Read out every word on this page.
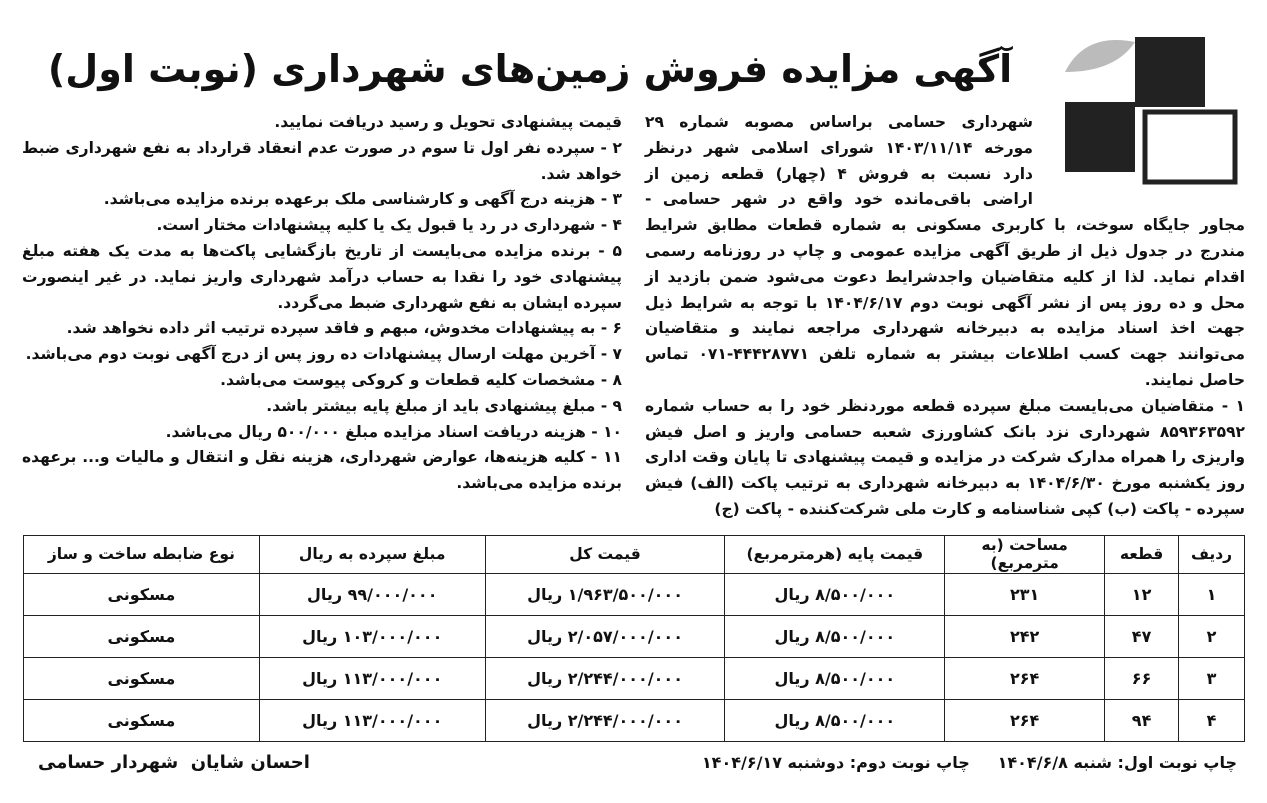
آگهی مزایده فروش زمین‌های شهرداری (نوبت اول)

شهرداری حسامی براساس مصوبه شماره ۲۹ مورخه ۱۴۰۳/۱۱/۱۴ شورای اسلامی شهر درنظر دارد نسبت به فروش ۴ (چهار) قطعه زمین از اراضی باقی‌مانده خود واقع در شهر حسامی - مجاور جایگاه سوخت، با کاربری مسکونی به شماره قطعات مطابق شرایط مندرج در جدول ذیل از طریق آگهی مزایده عمومی و چاپ در روزنامه رسمی اقدام نماید. لذا از کلیه متقاضیان واجدشرایط دعوت می‌شود ضمن بازدید از محل و ده روز پس از نشر آگهی نوبت دوم ۱۴۰۴/۶/۱۷ با توجه به شرایط ذیل جهت اخذ اسناد مزایده به دبیرخانه شهرداری مراجعه نمایند و متقاضیان می‌توانند جهت کسب اطلاعات بیشتر به شماره تلفن ۴۴۴۲۸۷۷۱-۰۷۱ تماس حاصل نمایند.

۱ - متقاضیان می‌بایست مبلغ سپرده قطعه موردنظر خود را به حساب شماره ۸۵۹۳۶۳۵۹۲ شهرداری نزد بانک کشاورزی شعبه حسامی واریز و اصل فیش واریزی را همراه مدارک شرکت در مزایده و قیمت پیشنهادی تا پایان وقت اداری روز یکشنبه مورخ ۱۴۰۴/۶/۳۰ به دبیرخانه شهرداری به ترتیب پاکت (الف) فیش سپرده - پاکت (ب) کپی شناسنامه و کارت ملی شرکت‌کننده - پاکت (ج)

قیمت پیشنهادی تحویل و رسید دریافت نمایید.

۲ - سپرده نفر اول تا سوم در صورت عدم انعقاد قرارداد به نفع شهرداری ضبط خواهد شد.

۳ - هزینه درج آگهی و کارشناسی ملک برعهده برنده مزایده می‌باشد.

۴ - شهرداری در رد یا قبول یک یا کلیه پیشنهادات مختار است.

۵ - برنده مزایده می‌بایست از تاریخ بازگشایی پاکت‌ها به مدت یک هفته مبلغ پیشنهادی خود را نقدا به حساب درآمد شهرداری واریز نماید. در غیر اینصورت سپرده ایشان به نفع شهرداری ضبط می‌گردد.

۶ - به پیشنهادات مخدوش، مبهم و فاقد سپرده ترتیب اثر داده نخواهد شد.

۷ - آخرین مهلت ارسال پیشنهادات ده روز پس از درج آگهی نوبت دوم می‌باشد.

۸ - مشخصات کلیه قطعات و کروکی پیوست می‌باشد.

۹ - مبلغ پیشنهادی باید از مبلغ پایه بیشتر باشد.

۱۰ - هزینه دریافت اسناد مزایده مبلغ ۵۰۰/۰۰۰ ریال می‌باشد.

۱۱ - کلیه هزینه‌ها، عوارض شهرداری، هزینه نقل و انتقال و مالیات و... برعهده برنده مزایده می‌باشد.

ردیف	قطعه	مساحت (به مترمربع)	قیمت پایه (هرمترمربع)	قیمت کل	مبلغ سپرده به ریال	نوع ضابطه ساخت و ساز
۱	۱۲	۲۳۱	۸/۵۰۰/۰۰۰ ریال	۱/۹۶۳/۵۰۰/۰۰۰ ریال	۹۹/۰۰۰/۰۰۰ ریال	مسکونی
۲	۴۷	۲۴۲	۸/۵۰۰/۰۰۰ ریال	۲/۰۵۷/۰۰۰/۰۰۰ ریال	۱۰۳/۰۰۰/۰۰۰ ریال	مسکونی
۳	۶۶	۲۶۴	۸/۵۰۰/۰۰۰ ریال	۲/۲۴۴/۰۰۰/۰۰۰ ریال	۱۱۳/۰۰۰/۰۰۰ ریال	مسکونی
۴	۹۴	۲۶۴	۸/۵۰۰/۰۰۰ ریال	۲/۲۴۴/۰۰۰/۰۰۰ ریال	۱۱۳/۰۰۰/۰۰۰ ریال	مسکونی
چاپ نوبت اول: شنبه ۱۴۰۴/۶/۸     چاپ نوبت دوم: دوشنبه ۱۴۰۴/۶/۱۷
احسان شایان  شهردار حسامی
